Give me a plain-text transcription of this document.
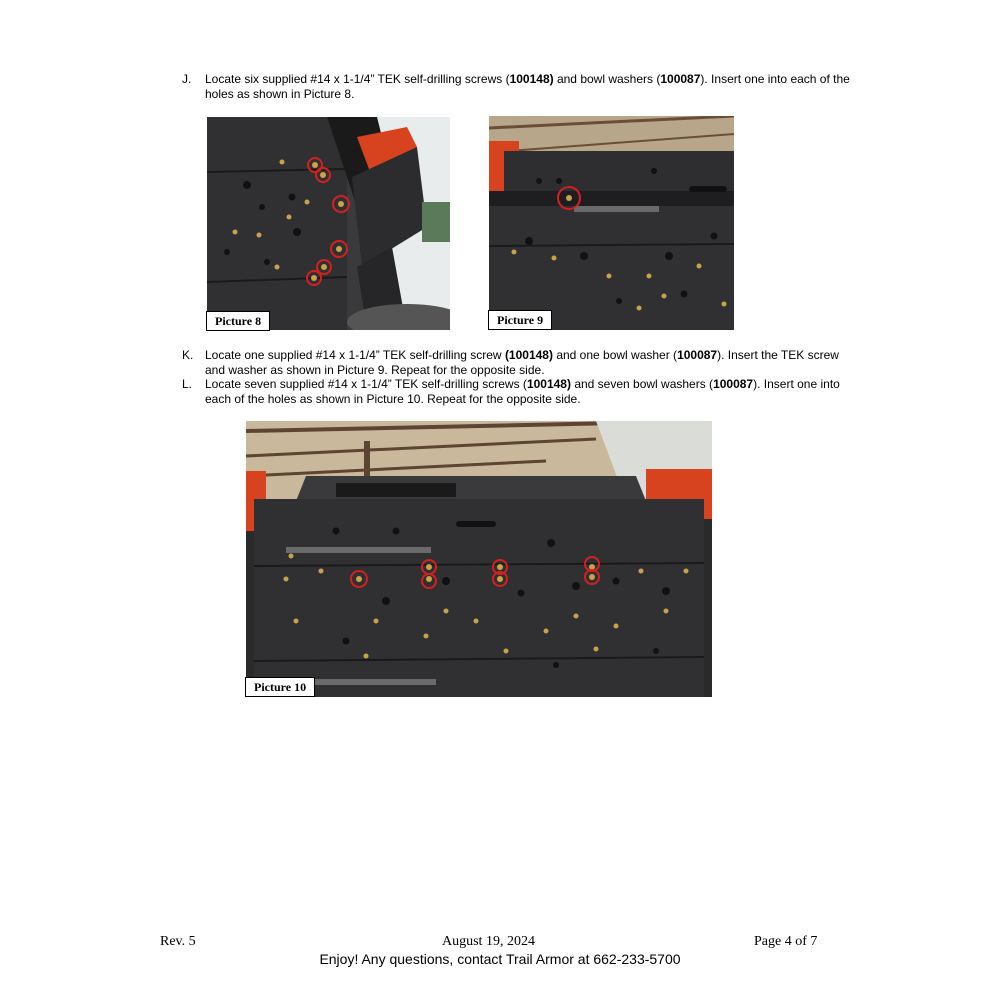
J. Locate six supplied #14 x 1-1/4” TEK self-drilling screws (100148) and bowl washers (100087). Insert one into each of the holes as shown in Picture 8.
Picture 8	Picture 9
K. Locate one supplied #14 x 1-1/4” TEK self-drilling screw (100148) and one bowl washer (100087). Insert the TEK screw and washer as shown in Picture 9. Repeat for the opposite side.
L. Locate seven supplied #14 x 1-1/4” TEK self-drilling screws (100148) and seven bowl washers (100087). Insert one into each of the holes as shown in Picture 10. Repeat for the opposite side.
Picture 10
Rev. 5	August 19, 2024	Page 4 of 7
Enjoy! Any questions, contact Trail Armor at 662-233-5700
